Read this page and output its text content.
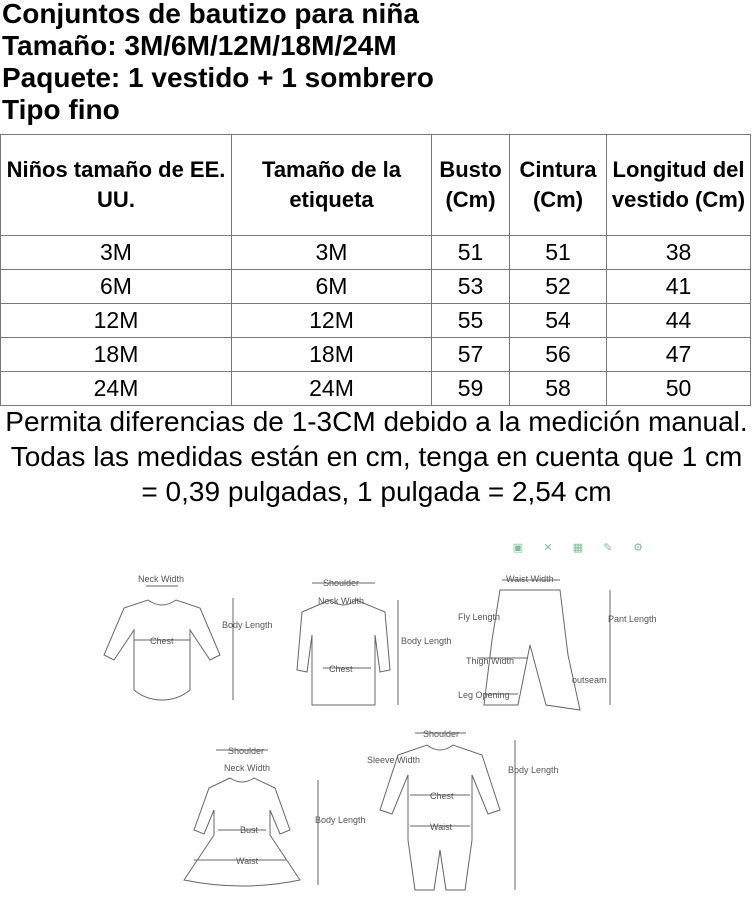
Conjuntos de bautizo para niña
Tamaño: 3M/6M/12M/18M/24M
Paquete: 1 vestido + 1 sombrero
Tipo fino
Niños tamaño de EE. UU.	Tamaño de la etiqueta	Busto (Cm)	Cintura (Cm)	Longitud del vestido (Cm)
3M	3M	51	51	38
6M	6M	53	52	41
12M	12M	55	54	44
18M	18M	57	56	47
24M	24M	59	58	50
Permita diferencias de 1-3CM debido a la medición manual.
Todas las medidas están en cm, tenga en cuenta que 1 cm = 0,39 pulgadas, 1 pulgada = 2,54 cm
▣	✕	▦	✎	⚙
Neck Width
Body Length
Chest
Shoulder
Neck Width
Chest
Body Length
Waist Width
Fly Length	Pant Length
Thigh Width
outseam
Leg Opening
Shoulder
Neck Width
Bust
Body Length
Waist
Shoulder
Sleeve Width
Chest
Waist
Body Length
